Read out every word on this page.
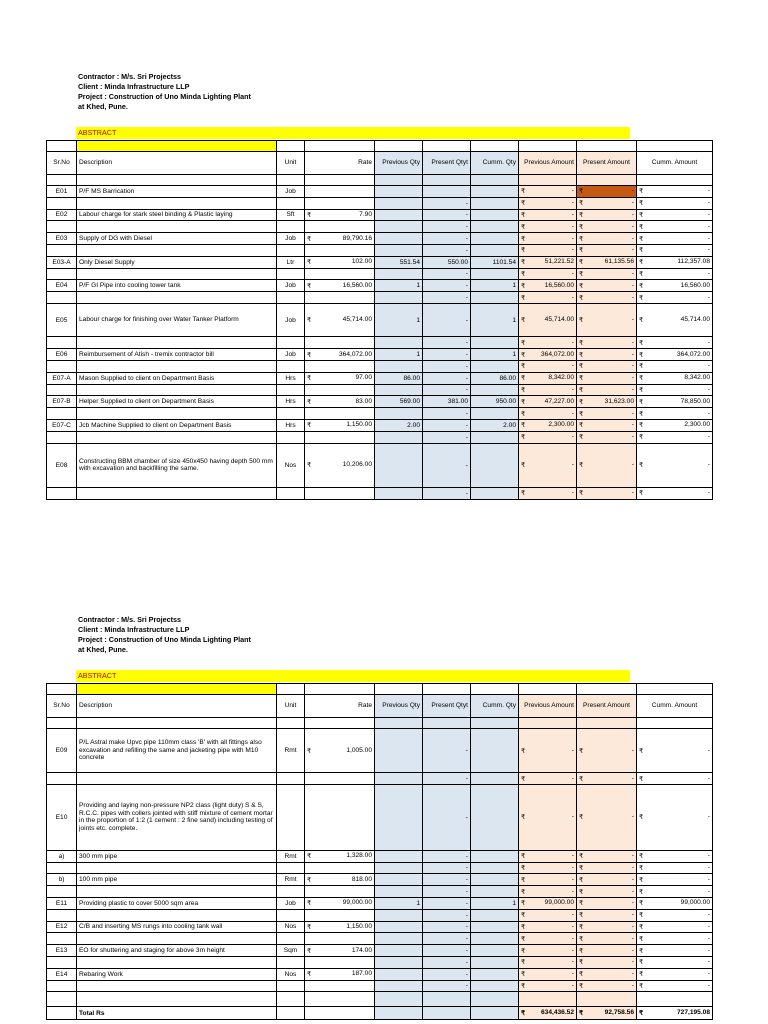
Contractor : M/s. Sri Projectss
Client : Minda Infrastructure LLP
Project : Construction of Uno Minda Lighting Plant
at Khed, Pune.
ABSTRACT

Sr.No	Description	Unit	Rate	Previous Qty	Present Qtyt	Cumm. Qty	Previous Amount	Present Amount	Cumm. Amount

E01	P/F MS Barrication	Job					₹ -	₹ -	₹ -
					-		₹ -	₹ -	₹ -
E02	Labour charge for stark steel binding & Plastic laying	Sft	₹ 7.90		-		₹ -	₹ -	₹ -
					-		₹ -	₹ -	₹ -
E03	Supply of DG with Diesel	Job	₹ 89,790.16		-		₹ -	₹ -	₹ -
					-		₹ -	₹ -	₹ -
E03-A	Only Diesel Supply	Ltr	₹ 102.00	551.54	550.00	1101.54	₹ 51,221.52	₹ 61,135.56	₹ 112,357.08
					-		₹ -	₹ -	₹ -
E04	P/F GI Pipe into cooling tower tank	Job	₹ 16,560.00	1	-	1	₹ 16,560.00	₹ -	₹ 16,560.00
					-		₹ -	₹ -	₹ -
E05	Labour charge for finishing over Water Tanker Platform	Job	₹ 45,714.00	1	-	1	₹ 45,714.00	₹ -	₹ 45,714.00
					-		₹ -	₹ -	₹ -
E06	Reimbursement of Atish - tremix contractor bill	Job	₹ 364,072.00	1	-	1	₹ 364,072.00	₹ -	₹ 364,072.00
					-		₹ -	₹ -	₹ -
E07-A	Mason Supplied to client on Department Basis	Hrs	₹ 97.00	86.00	-	86.00	₹ 8,342.00	₹ -	₹ 8,342.00
					-		₹ -	₹ -	₹ -
E07-B	Helper Supplied to client on Department Basis	Hrs	₹ 83.00	569.00	381.00	950.00	₹ 47,227.00	₹ 31,623.00	₹ 78,850.00
					-		₹ -	₹ -	₹ -
E07-C	Jcb Machine Supplied to client on Department Basis	Hrs	₹ 1,150.00	2.00	-	2.00	₹ 2,300.00	₹ -	₹ 2,300.00
					-		₹ -	₹ -	₹ -
E08	Constructing BBM chamber of size 450x450 having depth 500 mm with excavation and backfilling the same.	Nos	₹ 10,206.00		-		₹ -	₹ -	₹ -
					-		₹ -	₹ -	₹ -
Contractor : M/s. Sri Projectss
Client : Minda Infrastructure LLP
Project : Construction of Uno Minda Lighting Plant
at Khed, Pune.
ABSTRACT

Sr.No	Description	Unit	Rate	Previous Qty	Present Qtyt	Cumm. Qty	Previous Amount	Present Amount	Cumm. Amount

E09	P/L Astral make Upvc pipe 110mm class 'B' with all fittings also excavation and refilling the same and jacketing pipe with M10 concrete	Rmt	₹ 1,005.00		-		₹ -	₹ -	₹ -
					-		₹ -	₹ -	₹ -
E10	Providing and laying non-pressure NP2 class (light duty) S & S, R.C.C. pipes with collers jointed with stiff mixture of cement mortar in the proportion of 1:2 (1 cement : 2 fine sand) including testing of joints etc. complete.				-		₹ -	₹ -	₹ -
a)	300 mm pipe	Rmt	₹ 1,328.00		-		₹ -	₹ -	₹ -
					-		₹ -	₹ -	₹ -
b)	100 mm pipe	Rmt	₹ 818.00		-		₹ -	₹ -	₹ -
					-		₹ -	₹ -	₹ -
E11	Providing plastic to cover 5000 sqm area	Job	₹ 99,000.00	1	-	1	₹ 99,000.00	₹ -	₹ 99,000.00
					-		₹ -	₹ -	₹ -
E12	C/B and inserting MS rungs into cooling tank wall	Nos	₹ 1,150.00		-		₹ -	₹ -	₹ -
					-		₹ -	₹ -	₹ -
E13	EO for shuttering and staging for above 3m height	Sqm	₹ 174.00		-		₹ -	₹ -	₹ -
					-		₹ -	₹ -	₹ -
E14	Rebaring Work	Nos	₹ 187.00		-		₹ -	₹ -	₹ -
					-		₹ -	₹ -	₹ -

	Total Rs						₹ 634,436.52	₹ 92,758.56	₹ 727,195.08
